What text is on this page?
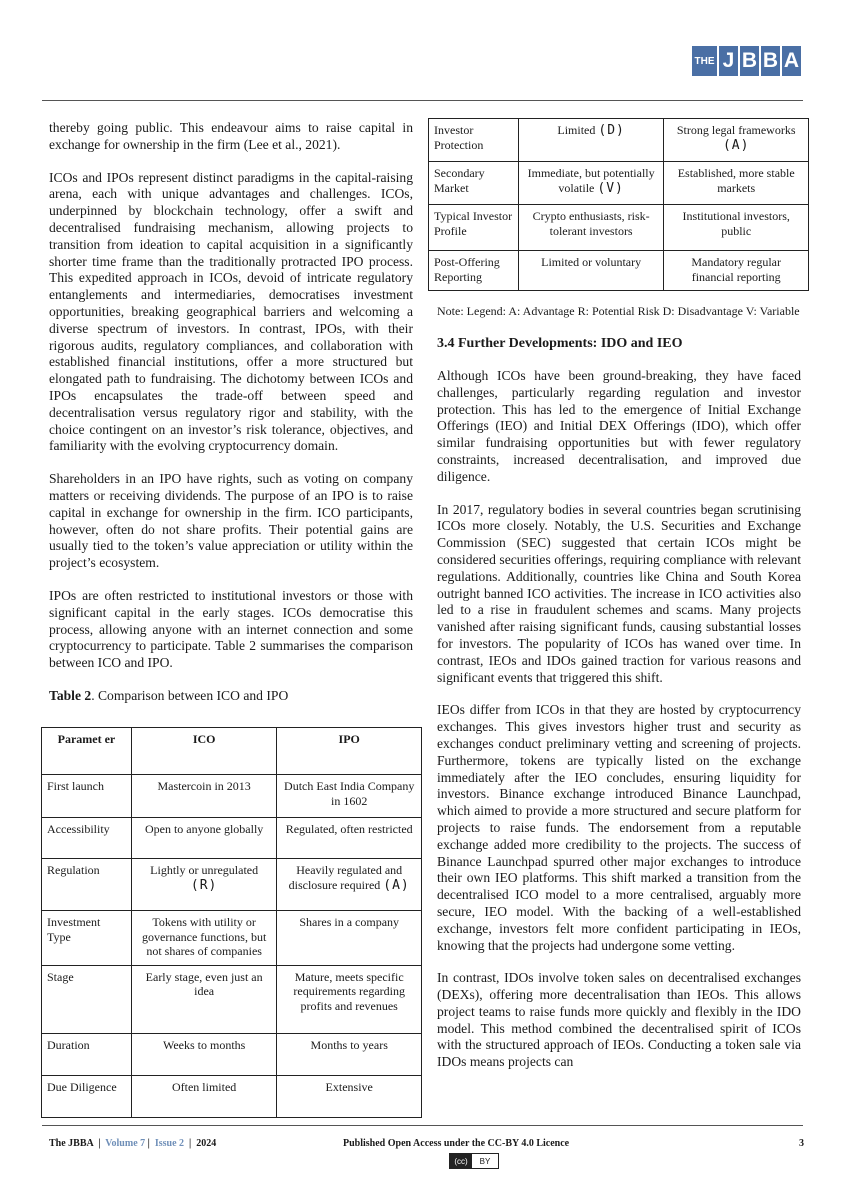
THE J B B A

thereby going public. This endeavour aims to raise capital in exchange for ownership in the firm (Lee et al., 2021).

ICOs and IPOs represent distinct paradigms in the capital-raising arena, each with unique advantages and challenges. ICOs, underpinned by blockchain technology, offer a swift and decentralised fundraising mechanism, allowing projects to transition from ideation to capital acquisition in a significantly shorter time frame than the traditionally protracted IPO process. This expedited approach in ICOs, devoid of intricate regulatory entanglements and intermediaries, democratises investment opportunities, breaking geographical barriers and welcoming a diverse spectrum of investors. In contrast, IPOs, with their rigorous audits, regulatory compliances, and collaboration with established financial institutions, offer a more structured but elongated path to fundraising. The dichotomy between ICOs and IPOs encapsulates the trade-off between speed and decentralisation versus regulatory rigor and stability, with the choice contingent on an investor’s risk tolerance, objectives, and familiarity with the evolving cryptocurrency domain.

Shareholders in an IPO have rights, such as voting on company matters or receiving dividends. The purpose of an IPO is to raise capital in exchange for ownership in the firm. ICO participants, however, often do not share profits. Their potential gains are usually tied to the token’s value appreciation or utility within the project’s ecosystem.

IPOs are often restricted to institutional investors or those with significant capital in the early stages. ICOs democratise this process, allowing anyone with an internet connection and some cryptocurrency to participate. Table 2 summarises the comparison between ICO and IPO.

Table 2. Comparison between ICO and IPO

Paramet er	ICO	IPO
First launch	Mastercoin in 2013	Dutch East India Company in 1602
Accessibility	Open to anyone globally	Regulated, often restricted
Regulation	Lightly or unregulated (R)	Heavily regulated and disclosure required (A)
Investment Type	Tokens with utility or governance functions, but not shares of companies	Shares in a company
Stage	Early stage, even just an idea	Mature, meets specific requirements regarding profits and revenues
Duration	Weeks to months	Months to years
Due Diligence	Often limited	Extensive
Investor Protection	Limited (D)	Strong legal frameworks (A)
Secondary Market	Immediate, but potentially volatile (V)	Established, more stable markets
Typical Investor Profile	Crypto enthusiasts, risk-tolerant investors	Institutional investors, public
Post-Offering Reporting	Limited or voluntary	Mandatory regular financial reporting

Note: Legend: A: Advantage R: Potential Risk D: Disadvantage V: Variable

3.4 Further Developments: IDO and IEO

Although ICOs have been ground-breaking, they have faced challenges, particularly regarding regulation and investor protection. This has led to the emergence of Initial Exchange Offerings (IEO) and Initial DEX Offerings (IDO), which offer similar fundraising opportunities but with fewer regulatory constraints, increased decentralisation, and improved due diligence.

In 2017, regulatory bodies in several countries began scrutinising ICOs more closely. Notably, the U.S. Securities and Exchange Commission (SEC) suggested that certain ICOs might be considered securities offerings, requiring compliance with relevant regulations. Additionally, countries like China and South Korea outright banned ICO activities. The increase in ICO activities also led to a rise in fraudulent schemes and scams. Many projects vanished after raising significant funds, causing substantial losses for investors. The popularity of ICOs has waned over time. In contrast, IEOs and IDOs gained traction for various reasons and significant events that triggered this shift.

IEOs differ from ICOs in that they are hosted by cryptocurrency exchanges. This gives investors higher trust and security as exchanges conduct preliminary vetting and screening of projects. Furthermore, tokens are typically listed on the exchange immediately after the IEO concludes, ensuring liquidity for investors. Binance exchange introduced Binance Launchpad, which aimed to provide a more structured and secure platform for projects to raise funds. The endorsement from a reputable exchange added more credibility to the projects. The success of Binance Launchpad spurred other major exchanges to introduce their own IEO platforms. This shift marked a transition from the decentralised ICO model to a more centralised, arguably more secure, IEO model. With the backing of a well-established exchange, investors felt more confident participating in IEOs, knowing that the projects had undergone some vetting.

In contrast, IDOs involve token sales on decentralised exchanges (DEXs), offering more decentralisation than IEOs. This allows project teams to raise funds more quickly and flexibly in the IDO model. This method combined the decentralised spirit of ICOs with the structured approach of IEOs. Conducting a token sale via IDOs means projects can

The JBBA | Volume 7 | Issue 2 | 2024	Published Open Access under the CC-BY 4.0 Licence	3
(cc)	BY
